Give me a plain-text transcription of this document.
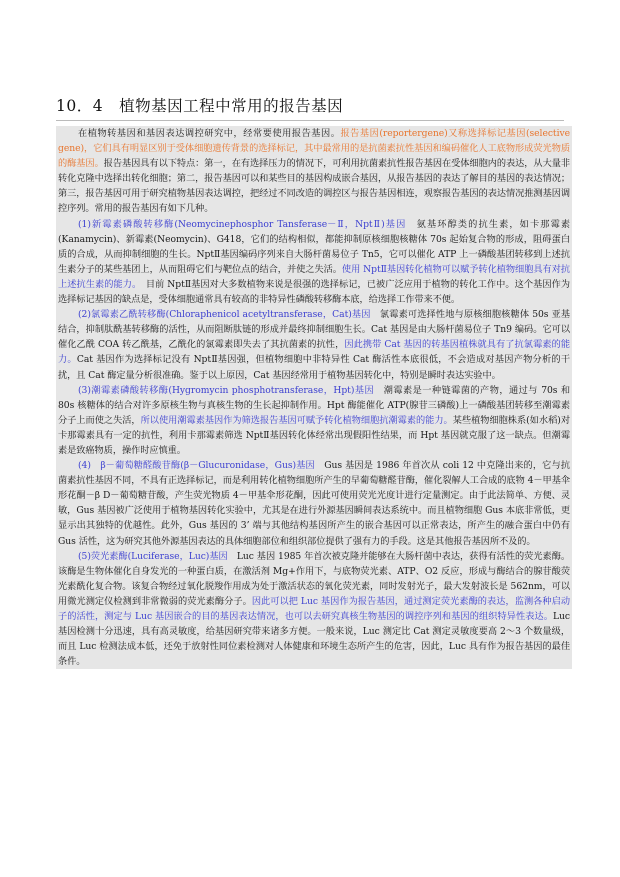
10．4　植物基因工程中常用的报告基因

在植物转基因和基因表达调控研究中，经常要使用报告基因。报告基因(reportergene)又称选择标记基因(selective gene)，它们具有明显区别于受体细胞遗传背景的选择标记，其中最常用的是抗菌素抗性基因和编码催化人工底物形成荧光物质的酶基因。报告基因具有以下特点：第一，在有选择压力的情况下，可利用抗菌素抗性报告基因在受体细胞内的表达，从大量非转化克隆中选择出转化细胞；第二，报告基因可以和某些目的基因构成嵌合基因，从报告基因的表达了解目的基因的表达情况；第三，报告基因可用于研究植物基因表达调控，把经过不同改造的调控区与报告基因相连，观察报告基因的表达情况推测基因调控序列。常用的报告基因有如下几种。

(1)新霉素磷酸转移酶(Neomycinephosphor Tansferase－Ⅱ，NptⅡ)基因　氨基环醇类的抗生素，如卡那霉素(Kanamycin)、新霉素(Neomycin)、G418，它们的结构相似，都能抑制原核细胞核糖体 70s 起始复合物的形成，阻碍蛋白质的合成，从而抑制细胞的生长。NptⅡ基因编码序列来自大肠杆菌易位子 Tn5，它可以催化 ATP 上一磷酸基团转移到上述抗生素分子的某些基团上，从而阻碍它们与靶位点的结合，并使之失活。使用 NptⅡ基因转化植物可以赋予转化植物细胞具有对抗上述抗生素的能力。　目前 NptⅡ基因对大多数植物来说是很强的选择标记，已被广泛应用于植物的转化工作中。这个基因作为选择标记基因的缺点是，受体细胞通常具有较高的非特异性磷酸转移酶本底，给选择工作带来不便。

(2)氯霉素乙酰转移酶(Chloraphenicol acetyltransferase，Cat)基因　氯霉素可选择性地与原核细胞核糖体 50s 亚基结合，抑制肽酰基转移酶的活性，从而阻断肽链的形成并最终抑制细胞生长。Cat 基因是由大肠杆菌易位子 Tn9 编码。它可以催化乙酰 COA 转乙酰基，乙酰化的氯霉素即失去了其抗菌素的抗性，因此携带 Cat 基因的转基因植株就具有了抗氯霉素的能力。Cat 基因作为选择标记没有 NptⅡ基因强，但植物细胞中非特异性 Cat 酶活性本底很低，不会造成对基因产物分析的干扰，且 Cat 酶定量分析很准确。鉴于以上原因，Cat 基因经常用于植物基因转化中，特别是瞬时表达实验中。

(3)潮霉素磷酸转移酶(Hygromycin phosphotransferase，Hpt)基因　潮霉素是一种链霉菌的产物，通过与 70s 和 80s 核糖体的结合对许多原核生物与真核生物的生长起抑制作用。Hpt 酶能催化 ATP(腺苷三磷酸)上一磷酸基团转移至潮霉素分子上而使之失活，所以使用潮霉素基因作为筛选报告基因可赋予转化植物细胞抗潮霉素的能力。某些植物细胞株系(如水稻)对卡那霉素具有一定的抗性，利用卡那霉素筛选 NptⅡ基因转化体经常出现假阳性结果，而 Hpt 基因就克服了这一缺点。但潮霉素是致癌物质，操作时应慎重。

(4)　β－葡萄糖醛酸苷酶(β－Glucuronidase，Gus)基因　Gus 基因是 1986 年首次从 coli 12 中克隆出来的，它与抗菌素抗性基因不同，不具有正选择标记，而是利用转化植物细胞所产生的早葡萄糖醛苷酶，催化裂解人工合成的底物 4－甲基伞形花酮－β D－葡萄糖苷酸，产生荧光物质 4－甲基伞形花酮，因此可使用荧光光度计进行定量测定。由于此法简单、方便、灵敏，Gus 基因被广泛使用于植物基因转化实验中，尤其是在进行外源基因瞬间表达系统中。而且植物细胞 Gus 本底非常低，更显示出其独特的优越性。此外，Gus 基因的 3’ 端与其他结构基因所产生的嵌合基因可以正常表达，所产生的融合蛋白中仍有 Gus 活性，这为研究其他外源基因表达的具体细胞部位和组织部位提供了强有力的手段。这是其他报告基因所不及的。

(5)荧光素酶(Luciferase，Luc)基因　Luc 基因 1985 年首次被克隆并能够在大肠杆菌中表达，获得有活性的荧光素酶。该酶是生物体催化自身发光的一种蛋白质，在激活剂 Mg+作用下，与底物荧光素、ATP、O2 反应，形成与酶结合的腺苷酸荧光素酰化复合物。该复合物经过氧化脱羧作用成为处于激活状态的氧化荧光素，同时发射光子，最大发射波长是 562nm，可以用微光测定仪检测到非常微弱的荧光素酶分子。因此可以把 Luc 基因作为报告基因，通过测定荧光素酶的表达，监测各种启动子的活性，测定与 Luc 基因嵌合的目的基因表达情况，也可以去研究真核生物基因的调控序列和基因的组织特异性表达。Luc 基因检测十分迅速，具有高灵敏度，给基因研究带来诸多方便。一般来说，Luc 测定比 Cat 测定灵敏度要高 2～3 个数量级，而且 Luc 检测法成本低，还免于放射性同位素检测对人体健康和环境生态所产生的危害，因此，Luc 具有作为报告基因的最佳条件。
